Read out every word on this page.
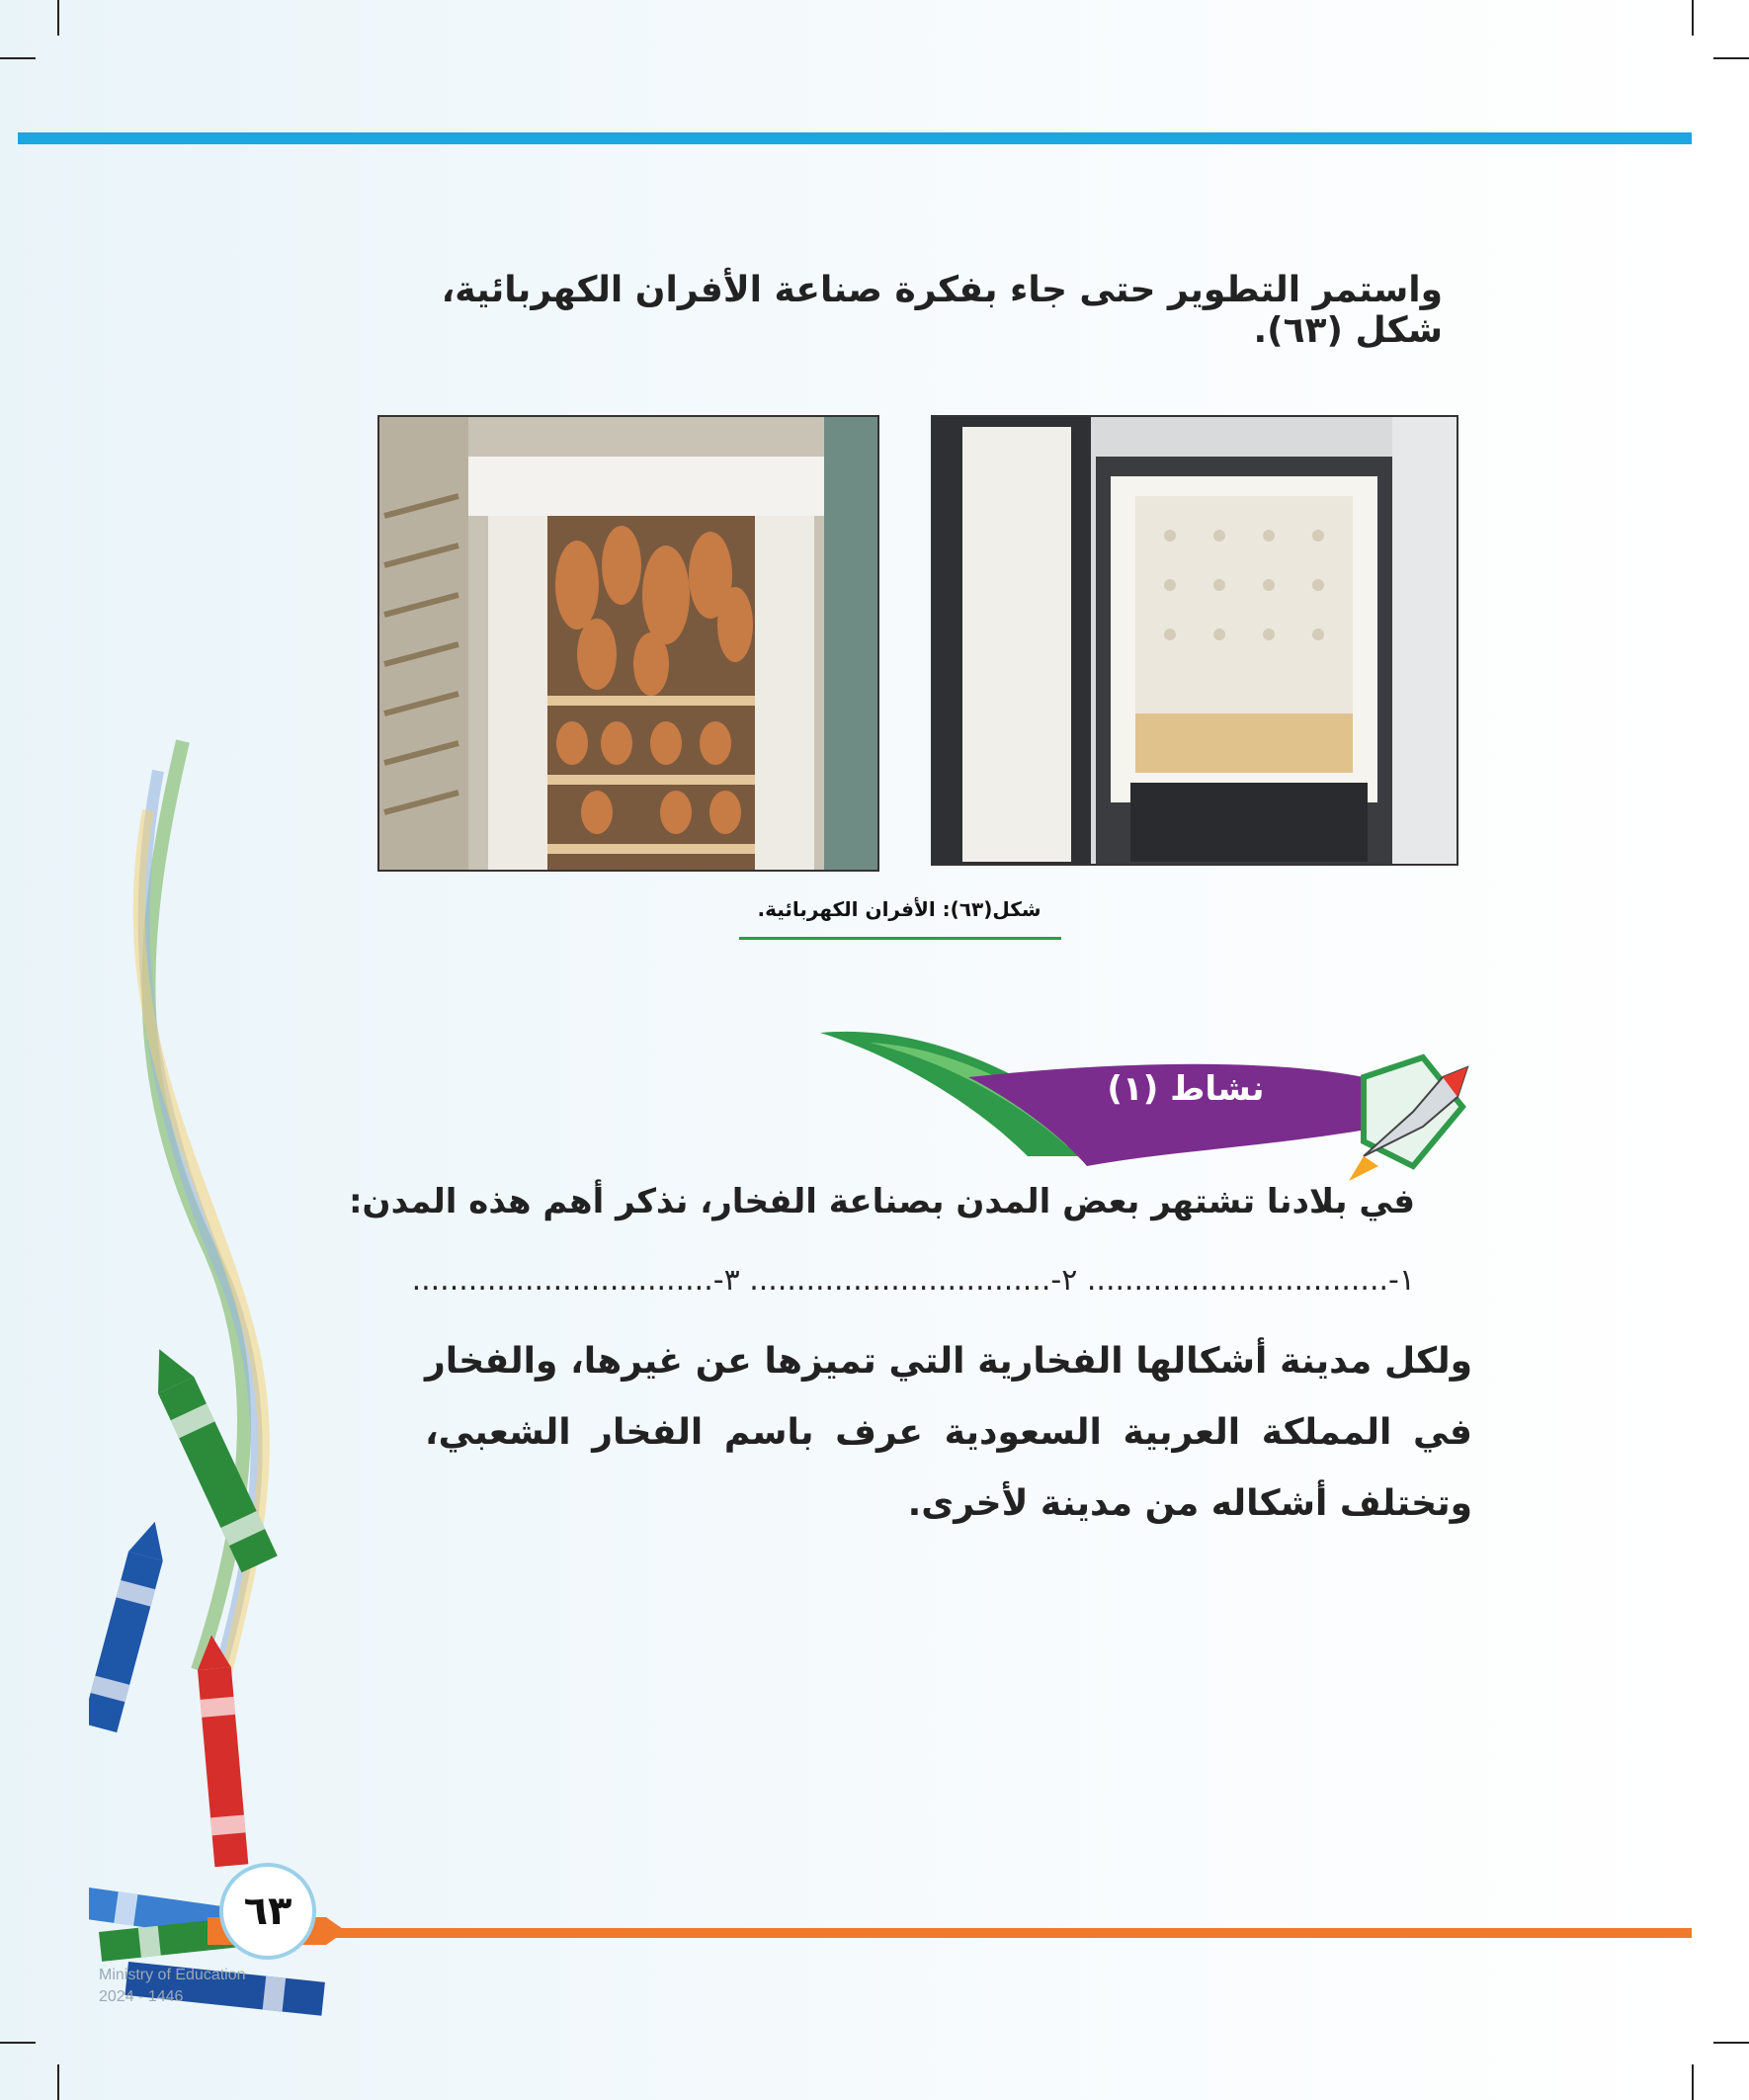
واستمر التطوير حتى جاء بفكرة صناعة الأفران الكهربائية، شكل (٦٣).
شكل(٦٣): الأفران الكهربائية.
نشاط (١)
في بلادنا تشتهر بعض المدن بصناعة الفخار، نذكر أهم هذه المدن:
١-................................ ٢-................................ ٣-................................
ولكل مدينة أشكالها الفخارية التي تميزها عن غيرها، والفخار في المملكة العربية السعودية عرف باسم الفخار الشعبي، وتختلف أشكاله من مدينة لأخرى.
٦٣
Ministry of Education
2024 - 1446
